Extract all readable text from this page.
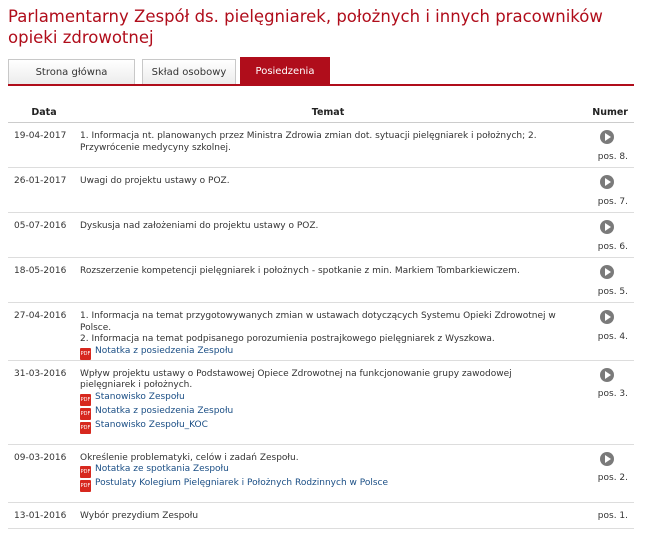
Parlamentarny Zespół ds. pielęgniarek, położnych i innych pracowników opieki zdrowotnej
Strona główna	Skład osobowy	Posiedzenia
Data	Temat	Numer
19-04-2017	1. Informacja nt. planowanych przez Ministra Zdrowia zmian dot. sytuacji pielęgniarek i położnych; 2. Przywrócenie medycyny szkolnej.	pos. 8.

26-01-2017	Uwagi do projektu ustawy o POZ.	pos. 7.

05-07-2016	Dyskusja nad założeniami do projektu ustawy o POZ.	pos. 6.

18-05-2016	Rozszerzenie kompetencji pielęgniarek i położnych - spotkanie z min. Markiem Tombarkiewiczem.	pos. 5.

27-04-2016	1. Informacja na temat przygotowywanych zmian w ustawach dotyczących Systemu Opieki Zdrowotnej w Polsce.
2. Informacja na temat podpisanego porozumienia postrajkowego pielęgniarek z Wyszkowa.
PDF Notatka z posiedzenia Zespołu	pos. 4.

31-03-2016	Wpływ projektu ustawy o Podstawowej Opiece Zdrowotnej na funkcjonowanie grupy zawodowej pielęgniarek i położnych.
PDF Stanowisko Zespołu
PDF Notatka z posiedzenia Zespołu
PDF Stanowisko Zespołu_KOC	pos. 3.

09-03-2016	Określenie problematyki, celów i zadań Zespołu.
PDF Notatka ze spotkania Zespołu
PDF Postulaty Kolegium Pielęgniarek i Położnych Rodzinnych w Polsce	pos. 2.

13-01-2016	Wybór prezydium Zespołu	pos. 1.
